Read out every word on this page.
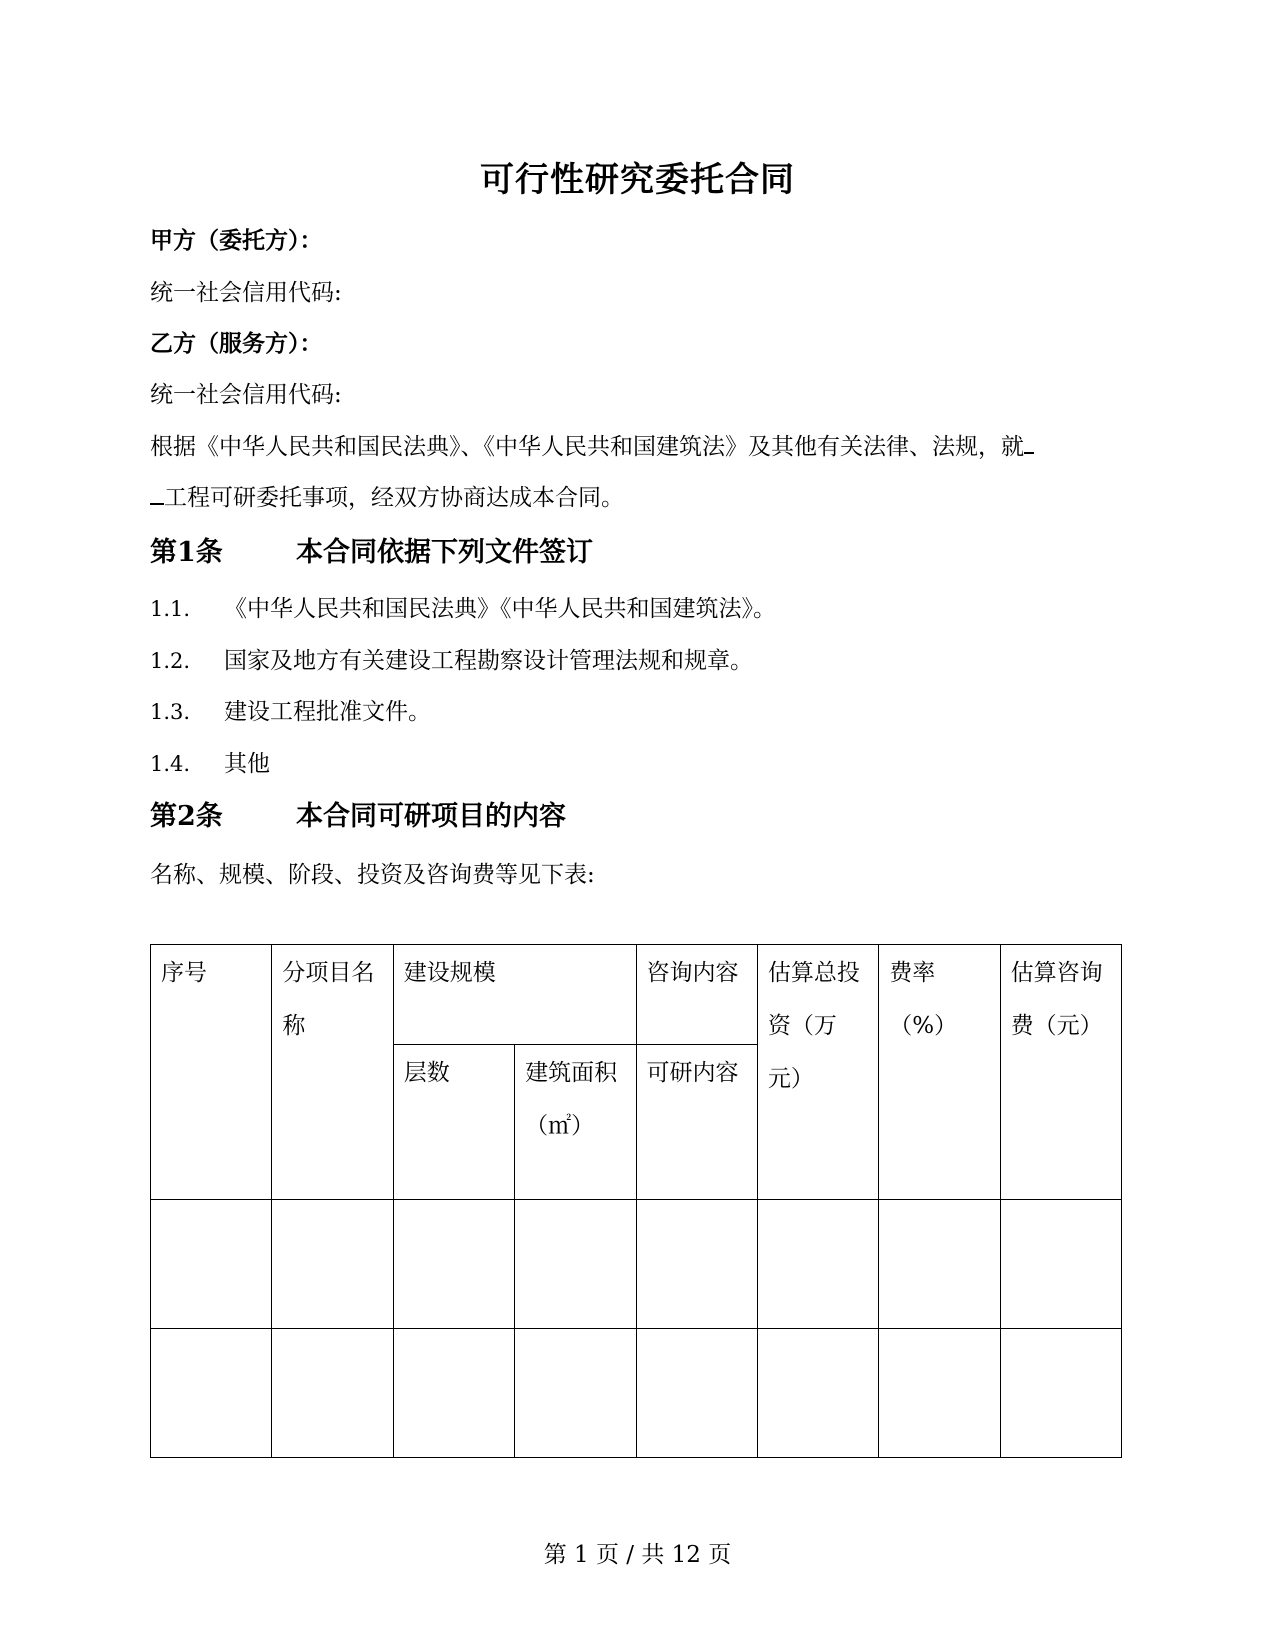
可行性研究委托合同
甲方（委托方）：
统一社会信用代码:
乙方（服务方）：
统一社会信用代码:
根据《中华人民共和国民法典》、《中华人民共和国建筑法》及其他有关法律、法规，就
工程可研委托事项，经双方协商达成本合同。
第1条	本合同依据下列文件签订
1.1. 《中华人民共和国民法典》《中华人民共和国建筑法》。
1.2. 国家及地方有关建设工程勘察设计管理法规和规章。
1.3. 建设工程批准文件。
1.4. 其他
第2条	本合同可研项目的内容
名称、规模、阶段、投资及咨询费等见下表:
序号	分项目名称	建设规模		咨询内容	估算总投资（万元）	费率（%）	估算咨询费（元）
		层数	建筑面积（㎡）	可研内容			

第 1 页 / 共 12 页
